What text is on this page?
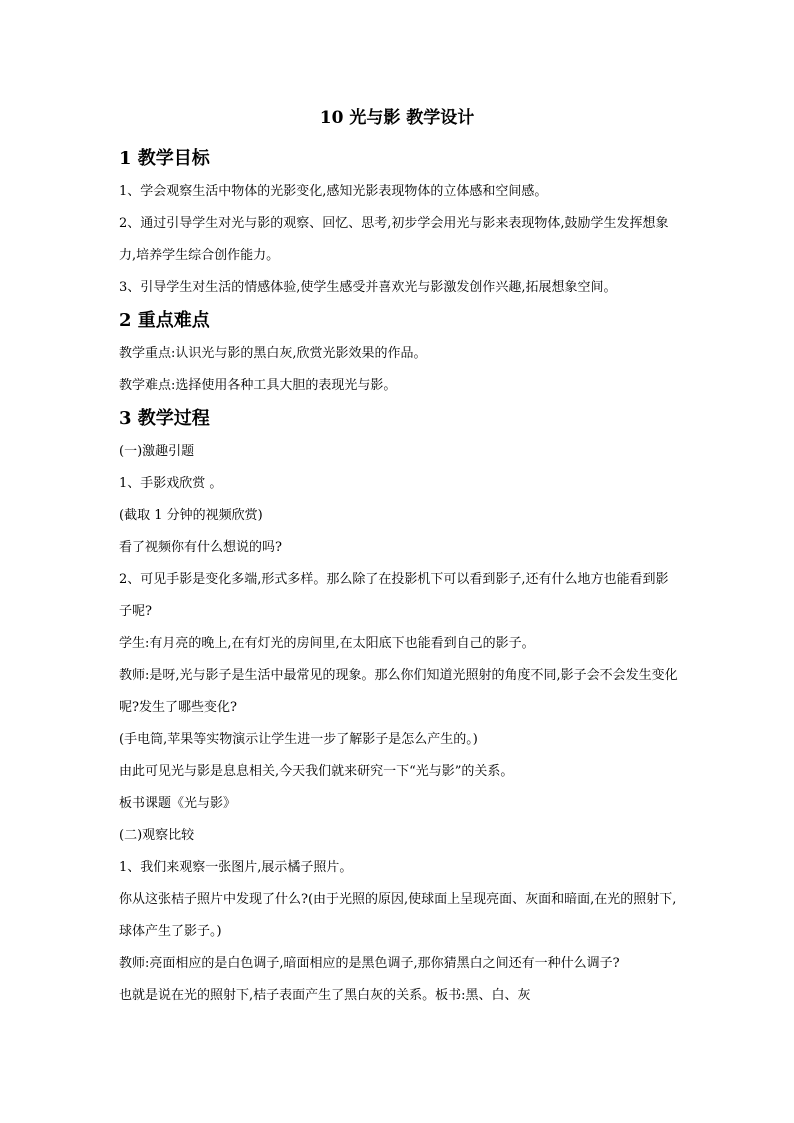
10 光与影 教学设计

1 教学目标

1、学会观察生活中物体的光影变化,感知光影表现物体的立体感和空间感。

2、通过引导学生对光与影的观察、回忆、思考,初步学会用光与影来表现物体,鼓励学生发挥想象力,培养学生综合创作能力。

3、引导学生对生活的情感体验,使学生感受并喜欢光与影激发创作兴趣,拓展想象空间。

2 重点难点

教学重点:认识光与影的黑白灰,欣赏光影效果的作品。

教学难点:选择使用各种工具大胆的表现光与影。

3 教学过程

(一)激趣引题

1、手影戏欣赏 。

(截取 1 分钟的视频欣赏)

看了视频你有什么想说的吗?

2、可见手影是变化多端,形式多样。那么除了在投影机下可以看到影子,还有什么地方也能看到影子呢?

学生:有月亮的晚上,在有灯光的房间里,在太阳底下也能看到自己的影子。

教师:是呀,光与影子是生活中最常见的现象。那么你们知道光照射的角度不同,影子会不会发生变化呢?发生了哪些变化?

(手电筒,苹果等实物演示让学生进一步了解影子是怎么产生的。)

由此可见光与影是息息相关,今天我们就来研究一下“光与影”的关系。

板书课题《光与影》

(二)观察比较

1、我们来观察一张图片,展示橘子照片。

你从这张桔子照片中发现了什么?(由于光照的原因,使球面上呈现亮面、灰面和暗面,在光的照射下,球体产生了影子。)

教师:亮面相应的是白色调子,暗面相应的是黑色调子,那你猜黑白之间还有一种什么调子?

也就是说在光的照射下,桔子表面产生了黑白灰的关系。板书:黑、白、灰
